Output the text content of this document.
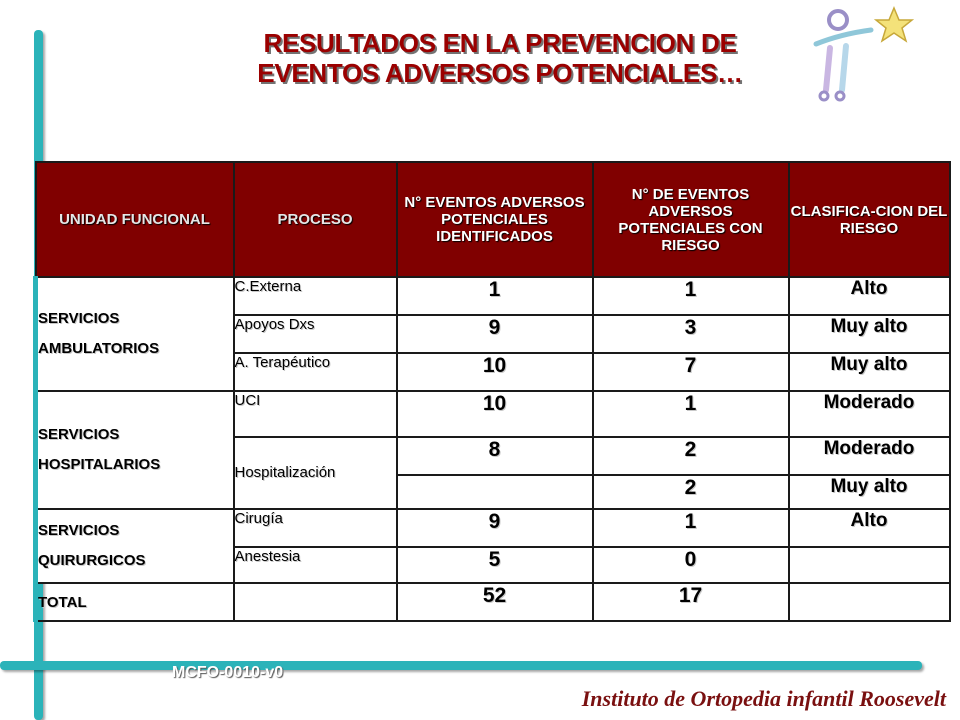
RESULTADOS EN LA PREVENCION DE
EVENTOS ADVERSOS POTENCIALES…
UNIDAD FUNCIONAL	PROCESO	N° EVENTOS ADVERSOS POTENCIALES IDENTIFICADOS	N° DE EVENTOS ADVERSOS POTENCIALES CON RIESGO	CLASIFICA-CION DEL RIESGO

SERVICIOS
AMBULATORIOS	C.Externa	1	1	Alto
	Apoyos Dxs	9	3	Muy alto
	A. Terapéutico	10	7	Muy alto

SERVICIOS
HOSPITALARIOS	UCI	10	1	Moderado
	Hospitalización	8	2	Moderado
			2	Muy alto

SERVICIOS
QUIRURGICOS	Cirugía	9	1	Alto
	Anestesia	5	0	
TOTAL		52	17	
MCFO-0010-v0
Instituto de Ortopedia infantil Roosevelt
